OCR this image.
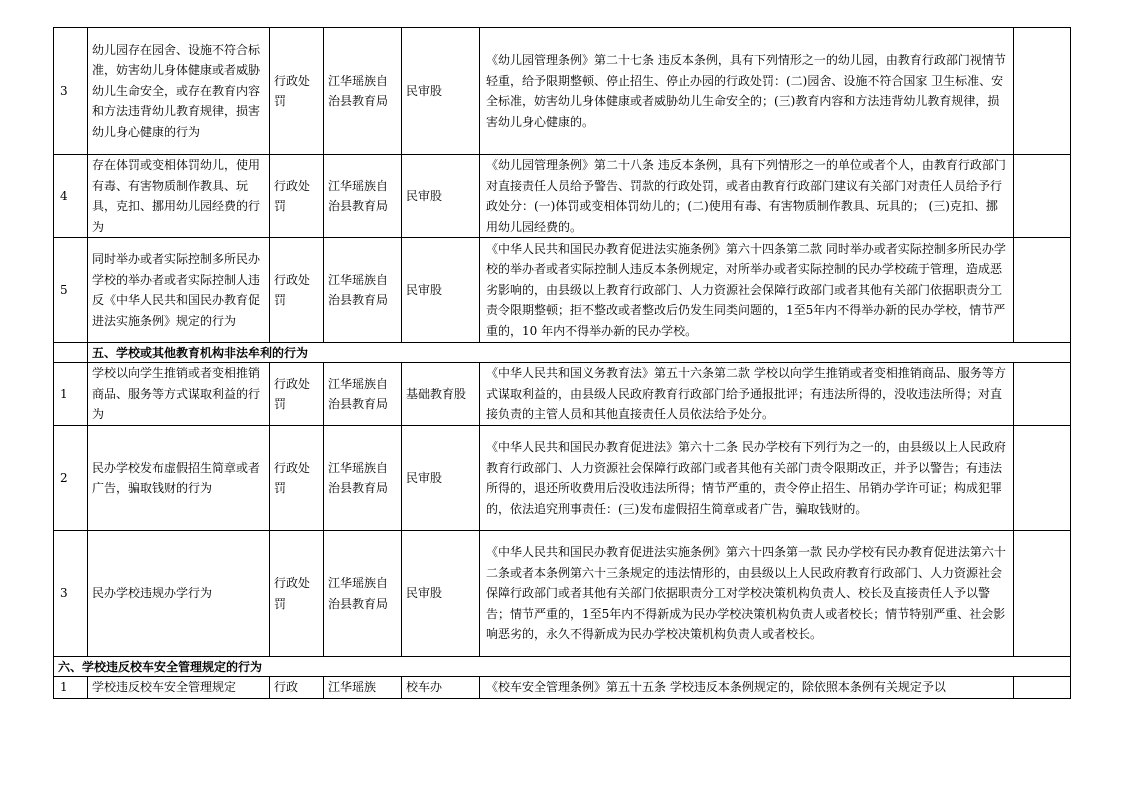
3	幼儿园存在园舍、设施不符合标准，妨害幼儿身体健康或者威胁幼儿生命安全，或存在教育内容和方法违背幼儿教育规律，损害幼儿身心健康的行为	行政处罚	江华瑶族自治县教育局	民审股	《幼儿园管理条例》第二十七条 违反本条例，具有下列情形之一的幼儿园，由教育行政部门视情节轻重，给予限期整顿、停止招生、停止办园的行政处罚：(二)园舍、设施不符合国家 卫生标准、安全标准，妨害幼儿身体健康或者威胁幼儿生命安全的；(三)教育内容和方法违背幼儿教育规律，损害幼儿身心健康的。	
4	存在体罚或变相体罚幼儿，使用有毒、有害物质制作教具、玩具，克扣、挪用幼儿园经费的行为	行政处罚	江华瑶族自治县教育局	民审股	《幼儿园管理条例》第二十八条 违反本条例，具有下列情形之一的单位或者个人，由教育行政部门对直接责任人员给予警告、罚款的行政处罚，或者由教育行政部门建议有关部门对责任人员给予行政处分：(一)体罚或变相体罚幼儿的；(二)使用有毒、有害物质制作教具、玩具的； (三)克扣、挪用幼儿园经费的。	
5	同时举办或者实际控制多所民办学校的举办者或者实际控制人违反《中华人民共和国民办教育促进法实施条例》规定的行为	行政处罚	江华瑶族自治县教育局	民审股	《中华人民共和国民办教育促进法实施条例》第六十四条第二款 同时举办或者实际控制多所民办学校的举办者或者实际控制人违反本条例规定，对所举办或者实际控制的民办学校疏于管理，造成恶劣影响的，由县级以上教育行政部门、人力资源社会保障行政部门或者其他有关部门依据职责分工责令限期整顿；拒不整改或者整改后仍发生同类问题的，1至5年内不得举办新的民办学校，情节严重的，10 年内不得举办新的民办学校。	
	五、学校或其他教育机构非法牟利的行为					
1	学校以向学生推销或者变相推销商品、服务等方式谋取利益的行为	行政处罚	江华瑶族自治县教育局	基础教育股	《中华人民共和国义务教育法》第五十六条第二款 学校以向学生推销或者变相推销商品、服务等方式谋取利益的，由县级人民政府教育行政部门给予通报批评；有违法所得的，没收违法所得；对直接负责的主管人员和其他直接责任人员依法给予处分。	
2	民办学校发布虚假招生简章或者广告，骗取钱财的行为	行政处罚	江华瑶族自治县教育局	民审股	《中华人民共和国民办教育促进法》第六十二条 民办学校有下列行为之一的，由县级以上人民政府教育行政部门、人力资源社会保障行政部门或者其他有关部门责令限期改正，并予以警告；有违法所得的，退还所收费用后没收违法所得；情节严重的，责令停止招生、吊销办学许可证；构成犯罪的，依法追究刑事责任：(三)发布虚假招生简章或者广告，骗取钱财的。	
3	民办学校违规办学行为	行政处罚	江华瑶族自治县教育局	民审股	《中华人民共和国民办教育促进法实施条例》第六十四条第一款 民办学校有民办教育促进法第六十二条或者本条例第六十三条规定的违法情形的，由县级以上人民政府教育行政部门、人力资源社会保障行政部门或者其他有关部门依据职责分工对学校决策机构负责人、校长及直接责任人予以警告；情节严重的，1至5年内不得新成为民办学校决策机构负责人或者校长；情节特别严重、社会影响恶劣的，永久不得新成为民办学校决策机构负责人或者校长。	
六、学校违反校车安全管理规定的行为						
1	学校违反校车安全管理规定	行政	江华瑶族	校车办	《校车安全管理条例》第五十五条 学校违反本条例规定的，除依照本条例有关规定予以	
